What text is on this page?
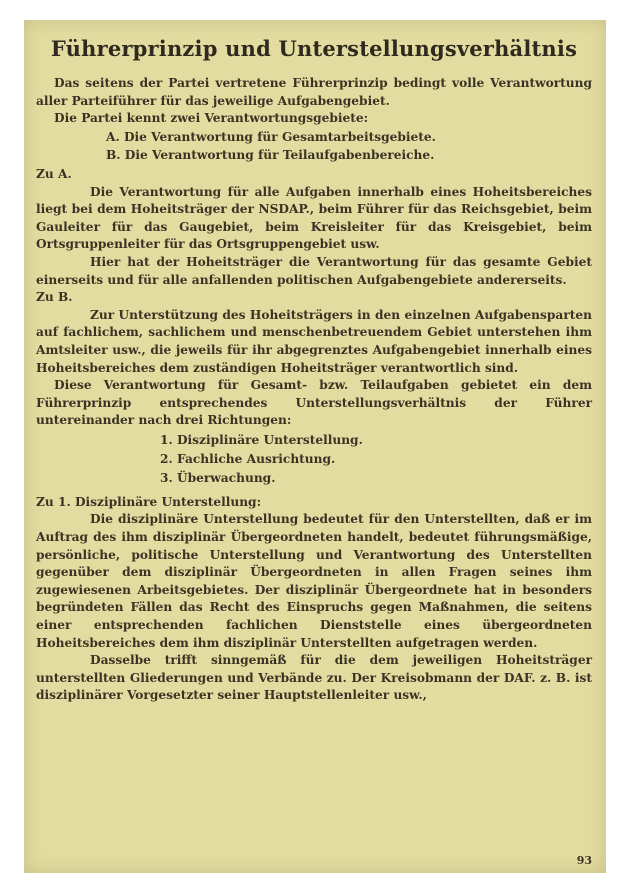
Führerprinzip und Unterstellungsverhältnis

Das seitens der Partei vertretene Führerprinzip bedingt volle Verantwortung aller Parteiführer für das jeweilige Aufgabengebiet.

Die Partei kennt zwei Verantwortungsgebiete:

A. Die Verantwortung für Gesamtarbeitsgebiete.
B. Die Verantwortung für Teilaufgabenbereiche.

Zu A.

Die Verantwortung für alle Aufgaben innerhalb eines Hoheitsbereiches liegt bei dem Hoheitsträger der NSDAP., beim Führer für das Reichsgebiet, beim Gauleiter für das Gaugebiet, beim Kreisleiter für das Kreisgebiet, beim Ortsgruppenleiter für das Ortsgruppengebiet usw.

Hier hat der Hoheitsträger die Verantwortung für das gesamte Gebiet einerseits und für alle anfallenden politischen Aufgabengebiete andererseits.

Zu B.

Zur Unterstützung des Hoheitsträgers in den einzelnen Aufgabensparten auf fachlichem, sachlichem und menschenbetreuendem Gebiet unterstehen ihm Amtsleiter usw., die jeweils für ihr abgegrenztes Aufgabengebiet innerhalb eines Hoheitsbereiches dem zuständigen Hoheitsträger verantwortlich sind.

Diese Verantwortung für Gesamt- bzw. Teilaufgaben gebietet ein dem Führerprinzip entsprechendes Unterstellungsverhältnis der Führer untereinander nach drei Richtungen:

1. Disziplinäre Unterstellung.
2. Fachliche Ausrichtung.
3. Überwachung.

Zu 1. Disziplinäre Unterstellung:

Die disziplinäre Unterstellung bedeutet für den Unterstellten, daß er im Auftrag des ihm disziplinär Übergeordneten handelt, bedeutet führungsmäßige, persönliche, politische Unterstellung und Verantwortung des Unterstellten gegenüber dem disziplinär Übergeordneten in allen Fragen seines ihm zugewiesenen Arbeitsgebietes. Der disziplinär Übergeordnete hat in besonders begründeten Fällen das Recht des Einspruchs gegen Maßnahmen, die seitens einer entsprechenden fachlichen Dienststelle eines übergeordneten Hoheitsbereiches dem ihm disziplinär Unterstellten aufgetragen werden.

Dasselbe trifft sinngemäß für die dem jeweiligen Hoheitsträger unterstellten Gliederungen und Verbände zu. Der Kreisobmann der DAF. z. B. ist disziplinärer Vorgesetzter seiner Hauptstellenleiter usw.,

93
